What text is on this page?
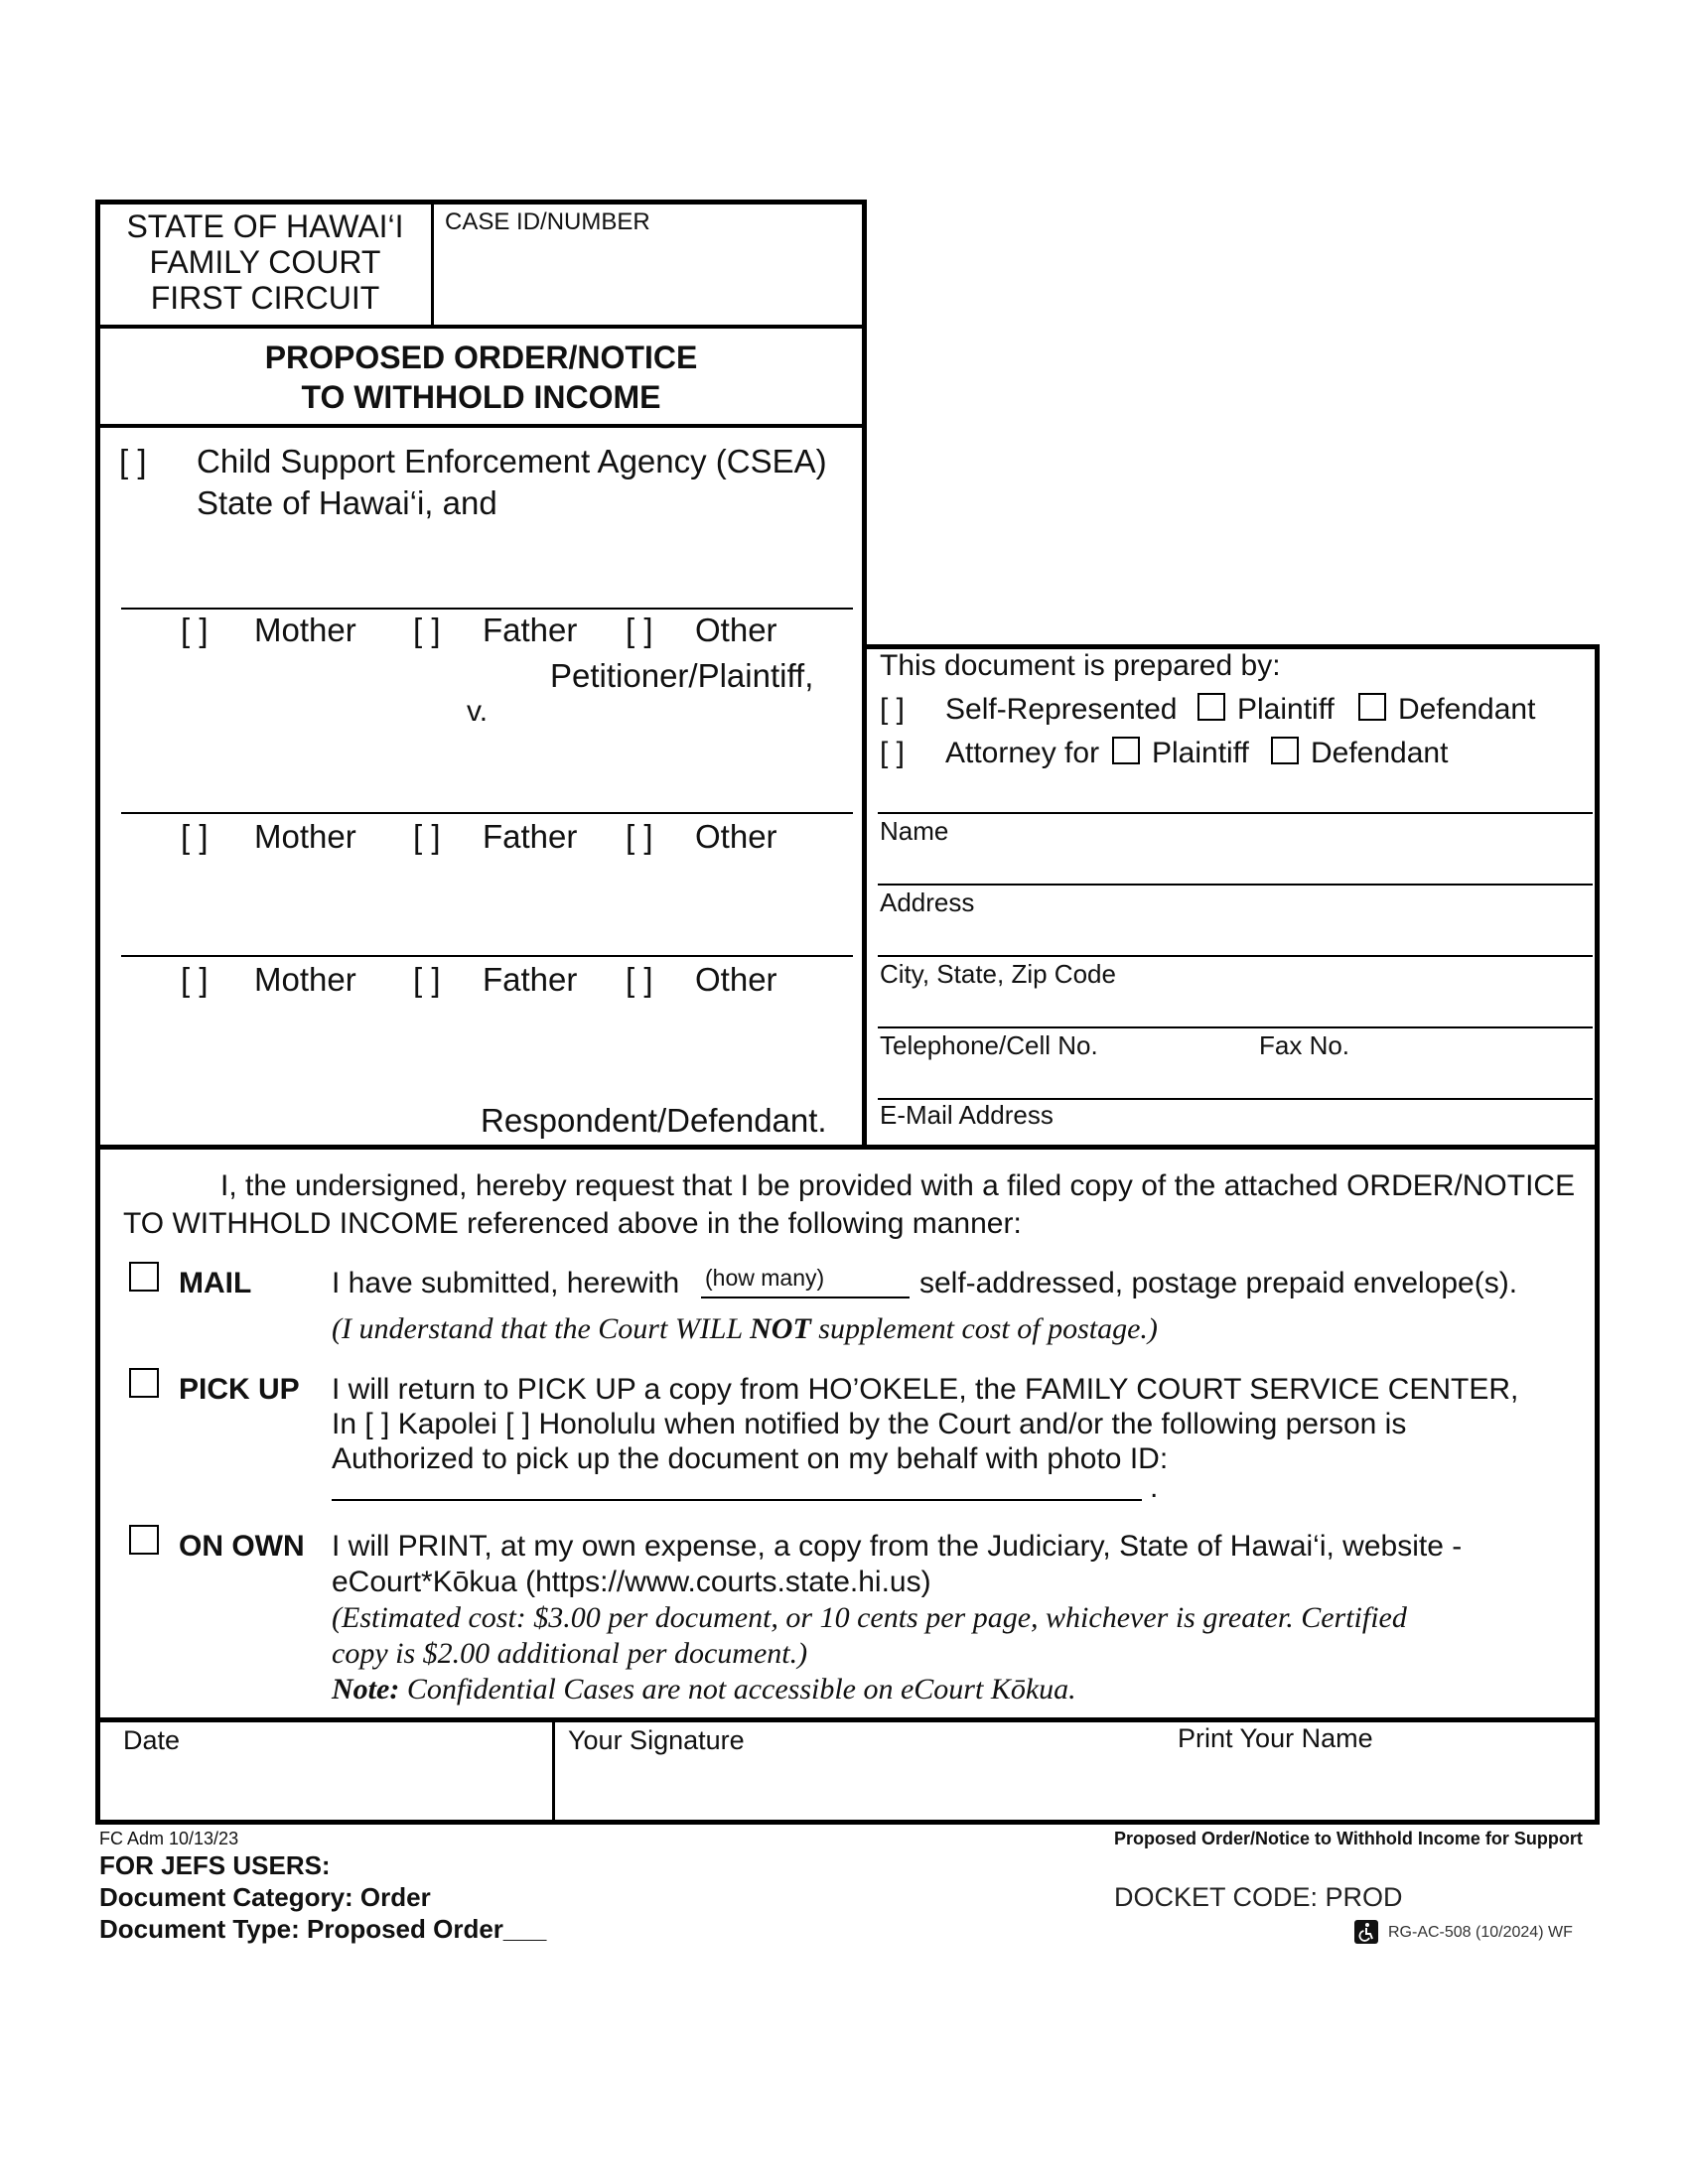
STATE OF HAWAI‘I
FAMILY COURT
FIRST CIRCUIT
CASE ID/NUMBER
PROPOSED ORDER/NOTICE
TO WITHHOLD INCOME
[ ] Child Support Enforcement Agency (CSEA)
State of Hawai‘i, and
[ ] Mother [ ] Father [ ] Other
Petitioner/Plaintiff,
v.
[ ] Mother [ ] Father [ ] Other
[ ] Mother [ ] Father [ ] Other
Respondent/Defendant.
This document is prepared by:
[ ] Self-Represented Plaintiff Defendant
[ ] Attorney for Plaintiff Defendant
Name
Address
City, State, Zip Code
Telephone/Cell No.	Fax No.
E-Mail Address
I, the undersigned, hereby request that I be provided with a filed copy of the attached ORDER/NOTICE
TO WITHHOLD INCOME referenced above in the following manner:
MAIL	I have submitted, herewith (how many)	self-addressed, postage prepaid envelope(s).
(I understand that the Court WILL NOT supplement cost of postage.)
PICK UP I will return to PICK UP a copy from HO’OKELE, the FAMILY COURT SERVICE CENTER,
In [ ] Kapolei [ ] Honolulu when notified by the Court and/or the following person is
Authorized to pick up the document on my behalf with photo ID:
.
ON OWN I will PRINT, at my own expense, a copy from the Judiciary, State of Hawai‘i, website -
eCourt*Kōkua (https://www.courts.state.hi.us)
(Estimated cost: $3.00 per document, or 10 cents per page, whichever is greater. Certified
copy is $2.00 additional per document.)
Note: Confidential Cases are not accessible on eCourt Kōkua.
Date	Your Signature	Print Your Name
FC Adm 10/13/23
FOR JEFS USERS:
Document Category: Order
Document Type: Proposed Order___
Proposed Order/Notice to Withhold Income for Support
DOCKET CODE: PROD
RG-AC-508 (10/2024) WF
